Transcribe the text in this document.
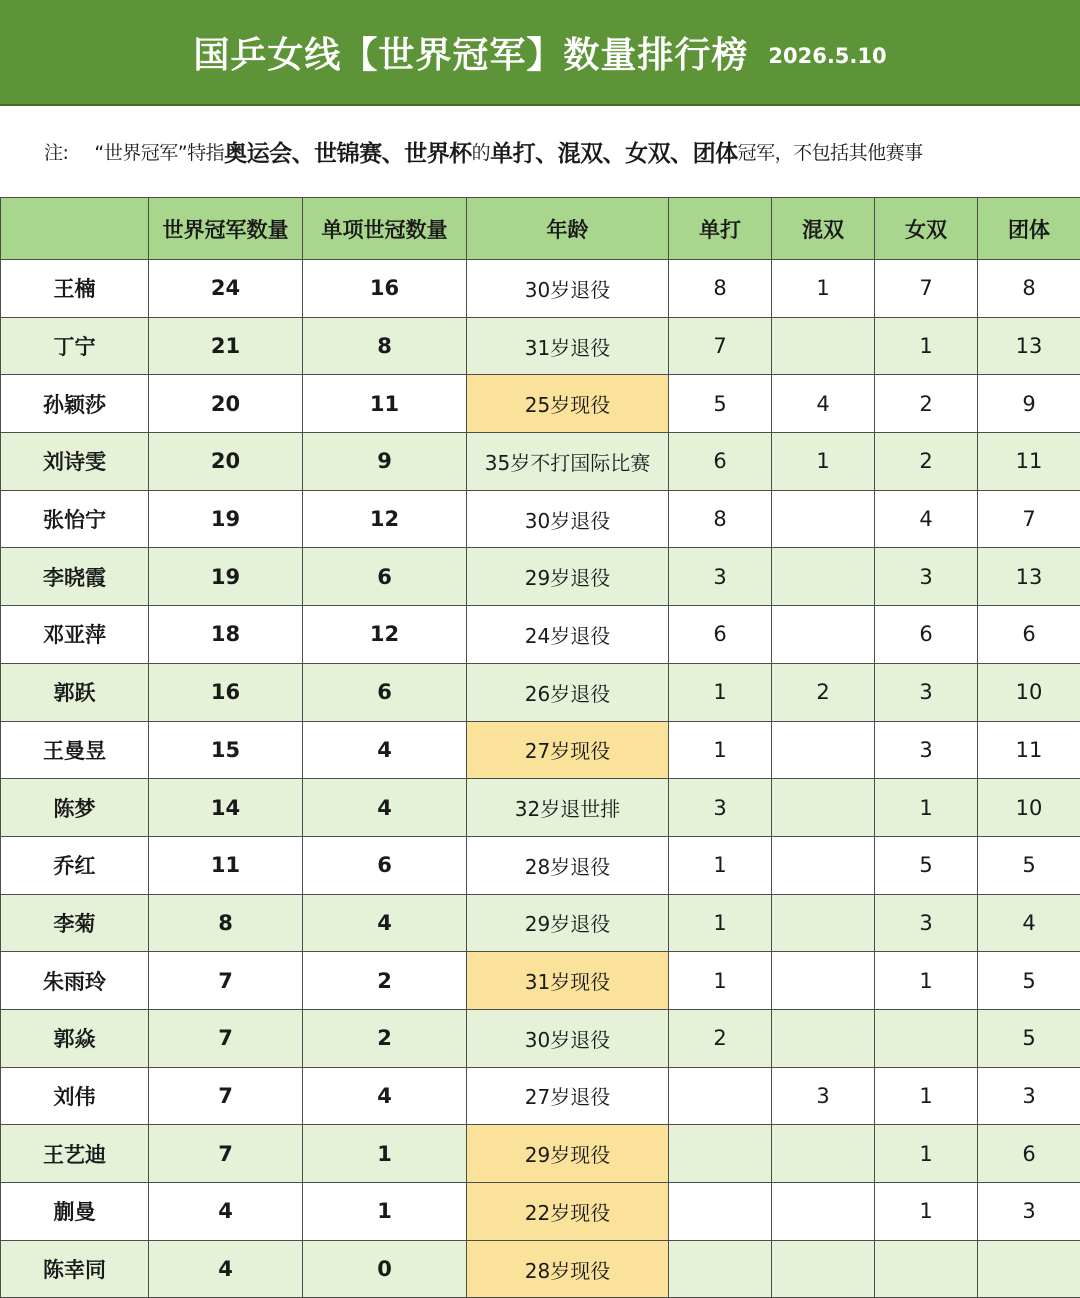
国乒女线【世界冠军】数量排行榜 2026.5.10
注: “世界冠军”特指 奥运会、世锦赛、世界杯 的 单打、混双、女双、团体 冠军，不包括其他赛事
	世界冠军数量	单项世冠数量	年龄	单打	混双	女双	团体
王楠	24	16	30岁退役	8	1	7	8
丁宁	21	8	31岁退役	7		1	13
孙颖莎	20	11	25岁现役	5	4	2	9
刘诗雯	20	9	35岁不打国际比赛	6	1	2	11
张怡宁	19	12	30岁退役	8		4	7
李晓霞	19	6	29岁退役	3		3	13
邓亚萍	18	12	24岁退役	6		6	6
郭跃	16	6	26岁退役	1	2	3	10
王曼昱	15	4	27岁现役	1		3	11
陈梦	14	4	32岁退世排	3		1	10
乔红	11	6	28岁退役	1		5	5
李菊	8	4	29岁退役	1		3	4
朱雨玲	7	2	31岁现役	1		1	5
郭焱	7	2	30岁退役	2			5
刘伟	7	4	27岁退役		3	1	3
王艺迪	7	1	29岁现役			1	6
蒯曼	4	1	22岁现役			1	3
陈幸同	4	0	28岁现役				
